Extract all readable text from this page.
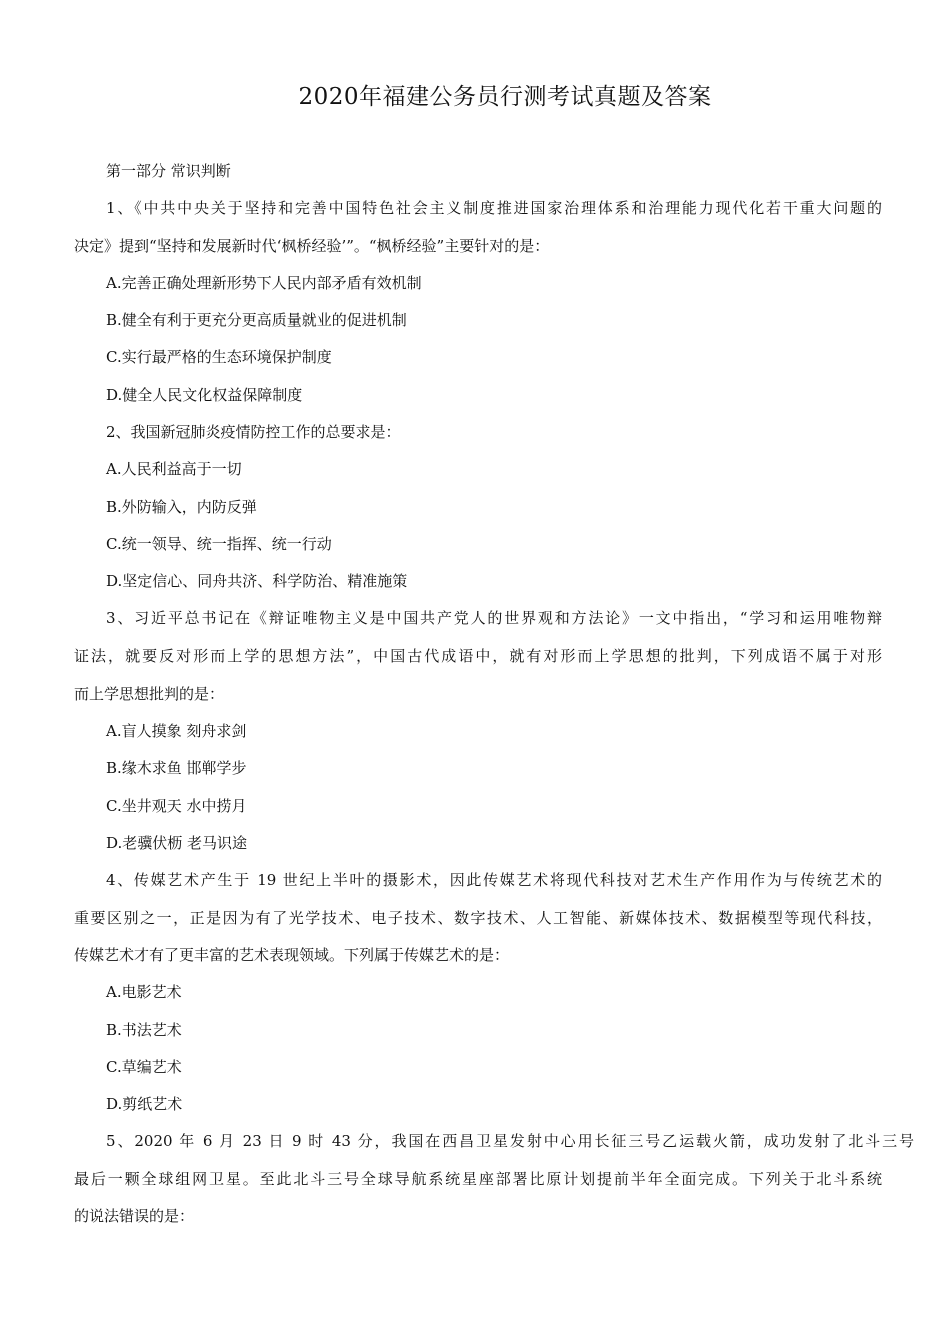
2020年福建公务员行测考试真题及答案
第一部分 常识判断
1、《中共中央关于坚持和完善中国特色社会主义制度推进国家治理体系和治理能力现代化若干重大问题的
决定》提到“坚持和发展新时代‘枫桥经验’”。“枫桥经验”主要针对的是：
A.完善正确处理新形势下人民内部矛盾有效机制
B.健全有利于更充分更高质量就业的促进机制
C.实行最严格的生态环境保护制度
D.健全人民文化权益保障制度
2、我国新冠肺炎疫情防控工作的总要求是：
A.人民利益高于一切
B.外防输入，内防反弹
C.统一领导、统一指挥、统一行动
D.坚定信心、同舟共济、科学防治、精准施策
3、习近平总书记在《辩证唯物主义是中国共产党人的世界观和方法论》一文中指出，“学习和运用唯物辩
证法，就要反对形而上学的思想方法”，中国古代成语中，就有对形而上学思想的批判，下列成语不属于对形
而上学思想批判的是：
A.盲人摸象 刻舟求剑
B.缘木求鱼 邯郸学步
C.坐井观天 水中捞月
D.老骥伏枥 老马识途
4、传媒艺术产生于 19 世纪上半叶的摄影术，因此传媒艺术将现代科技对艺术生产作用作为与传统艺术的
重要区别之一，正是因为有了光学技术、电子技术、数字技术、人工智能、新媒体技术、数据模型等现代科技，
传媒艺术才有了更丰富的艺术表现领域。下列属于传媒艺术的是：
A.电影艺术
B.书法艺术
C.草编艺术
D.剪纸艺术
5、2020 年 6 月 23 日 9 时 43 分，我国在西昌卫星发射中心用长征三号乙运载火箭，成功发射了北斗三号
最后一颗全球组网卫星。至此北斗三号全球导航系统星座部署比原计划提前半年全面完成。下列关于北斗系统
的说法错误的是：
